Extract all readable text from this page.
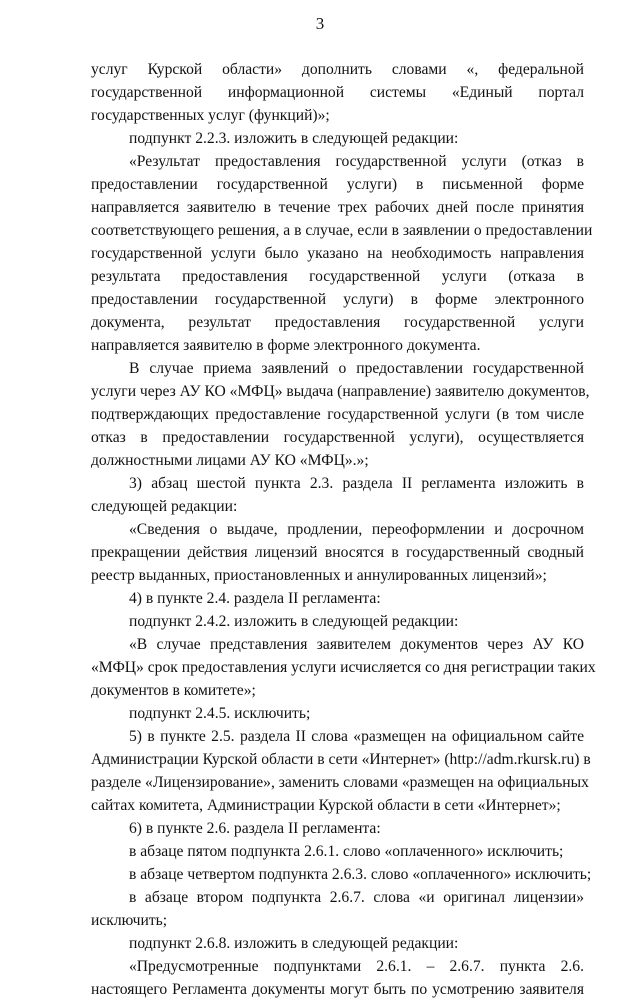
3
услуг Курской области» дополнить словами «, федеральной
государственной информационной системы «Единый портал
государственных услуг (функций)»;
подпункт 2.2.3. изложить в следующей редакции:
«Результат предоставления государственной услуги (отказ в
предоставлении государственной услуги) в письменной форме
направляется заявителю в течение трех рабочих дней после принятия
соответствующего решения, а в случае, если в заявлении о предоставлении
государственной услуги было указано на необходимость направления
результата предоставления государственной услуги (отказа в
предоставлении государственной услуги) в форме электронного
документа, результат предоставления государственной услуги
направляется заявителю в форме электронного документа.
В случае приема заявлений о предоставлении государственной
услуги через АУ КО «МФЦ» выдача (направление) заявителю документов,
подтверждающих предоставление государственной услуги (в том числе
отказ в предоставлении государственной услуги), осуществляется
должностными лицами АУ КО «МФЦ».»;
3) абзац шестой пункта 2.3. раздела II регламента изложить в
следующей редакции:
«Сведения о выдаче, продлении, переоформлении и досрочном
прекращении действия лицензий вносятся в государственный сводный
реестр выданных, приостановленных и аннулированных лицензий»;
4) в пункте 2.4. раздела II регламента:
подпункт 2.4.2. изложить в следующей редакции:
«В случае представления заявителем документов через АУ КО
«МФЦ» срок предоставления услуги исчисляется со дня регистрации таких
документов в комитете»;
подпункт 2.4.5. исключить;
5) в пункте 2.5. раздела II слова «размещен на официальном сайте
Администрации Курской области в сети «Интернет» (http://adm.rkursk.ru) в
разделе «Лицензирование», заменить словами «размещен на официальных
сайтах комитета, Администрации Курской области в сети «Интернет»;
6) в пункте 2.6. раздела II регламента:
в абзаце пятом подпункта 2.6.1. слово «оплаченного» исключить;
в абзаце четвертом подпункта 2.6.3. слово «оплаченного» исключить;
в абзаце втором подпункта 2.6.7. слова «и оригинал лицензии»
исключить;
подпункт 2.6.8. изложить в следующей редакции:
«Предусмотренные подпунктами 2.6.1. – 2.6.7. пункта 2.6.
настоящего Регламента документы могут быть по усмотрению заявителя
